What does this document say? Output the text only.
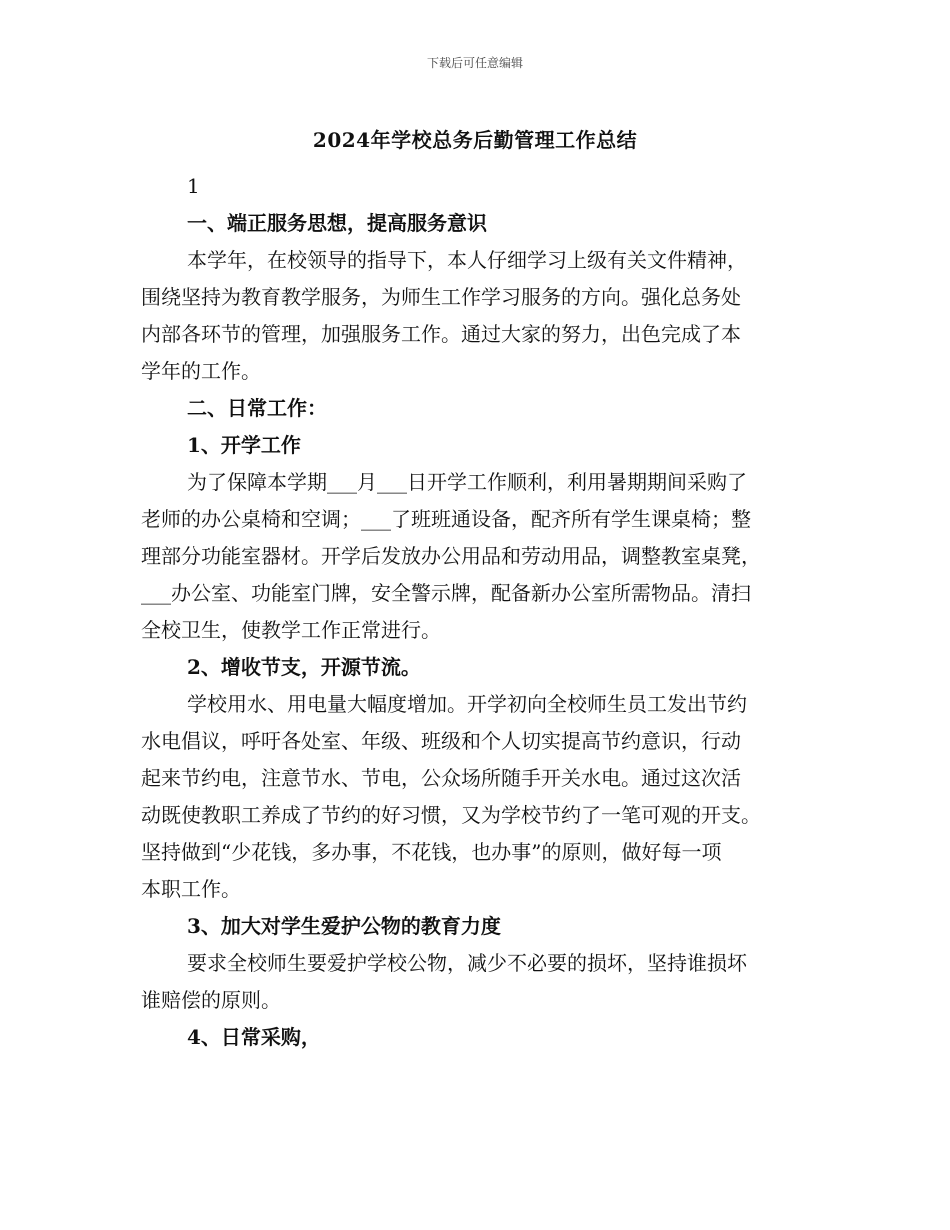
下载后可任意编辑
2024年学校总务后勤管理工作总结
1
一、端正服务思想，提高服务意识
本学年，在校领导的指导下，本人仔细学习上级有关文件精神，
围绕坚持为教育教学服务，为师生工作学习服务的方向。强化总务处
内部各环节的管理，加强服务工作。通过大家的努力，出色完成了本
学年的工作。
二、日常工作：
1、开学工作
为了保障本学期___月___日开学工作顺利，利用暑期期间采购了
老师的办公桌椅和空调；___了班班通设备，配齐所有学生课桌椅；整
理部分功能室器材。开学后发放办公用品和劳动用品，调整教室桌凳，
___办公室、功能室门牌，安全警示牌，配备新办公室所需物品。清扫
全校卫生，使教学工作正常进行。
2、增收节支，开源节流。
学校用水、用电量大幅度增加。开学初向全校师生员工发出节约
水电倡议，呼吁各处室、年级、班级和个人切实提高节约意识，行动
起来节约电，注意节水、节电，公众场所随手开关水电。通过这次活
动既使教职工养成了节约的好习惯，又为学校节约了一笔可观的开支。
坚持做到“少花钱，多办事，不花钱，也办事”的原则，做好每一项
本职工作。
3、加大对学生爱护公物的教育力度
要求全校师生要爱护学校公物，减少不必要的损坏，坚持谁损坏
谁赔偿的原则。
4、日常采购，
